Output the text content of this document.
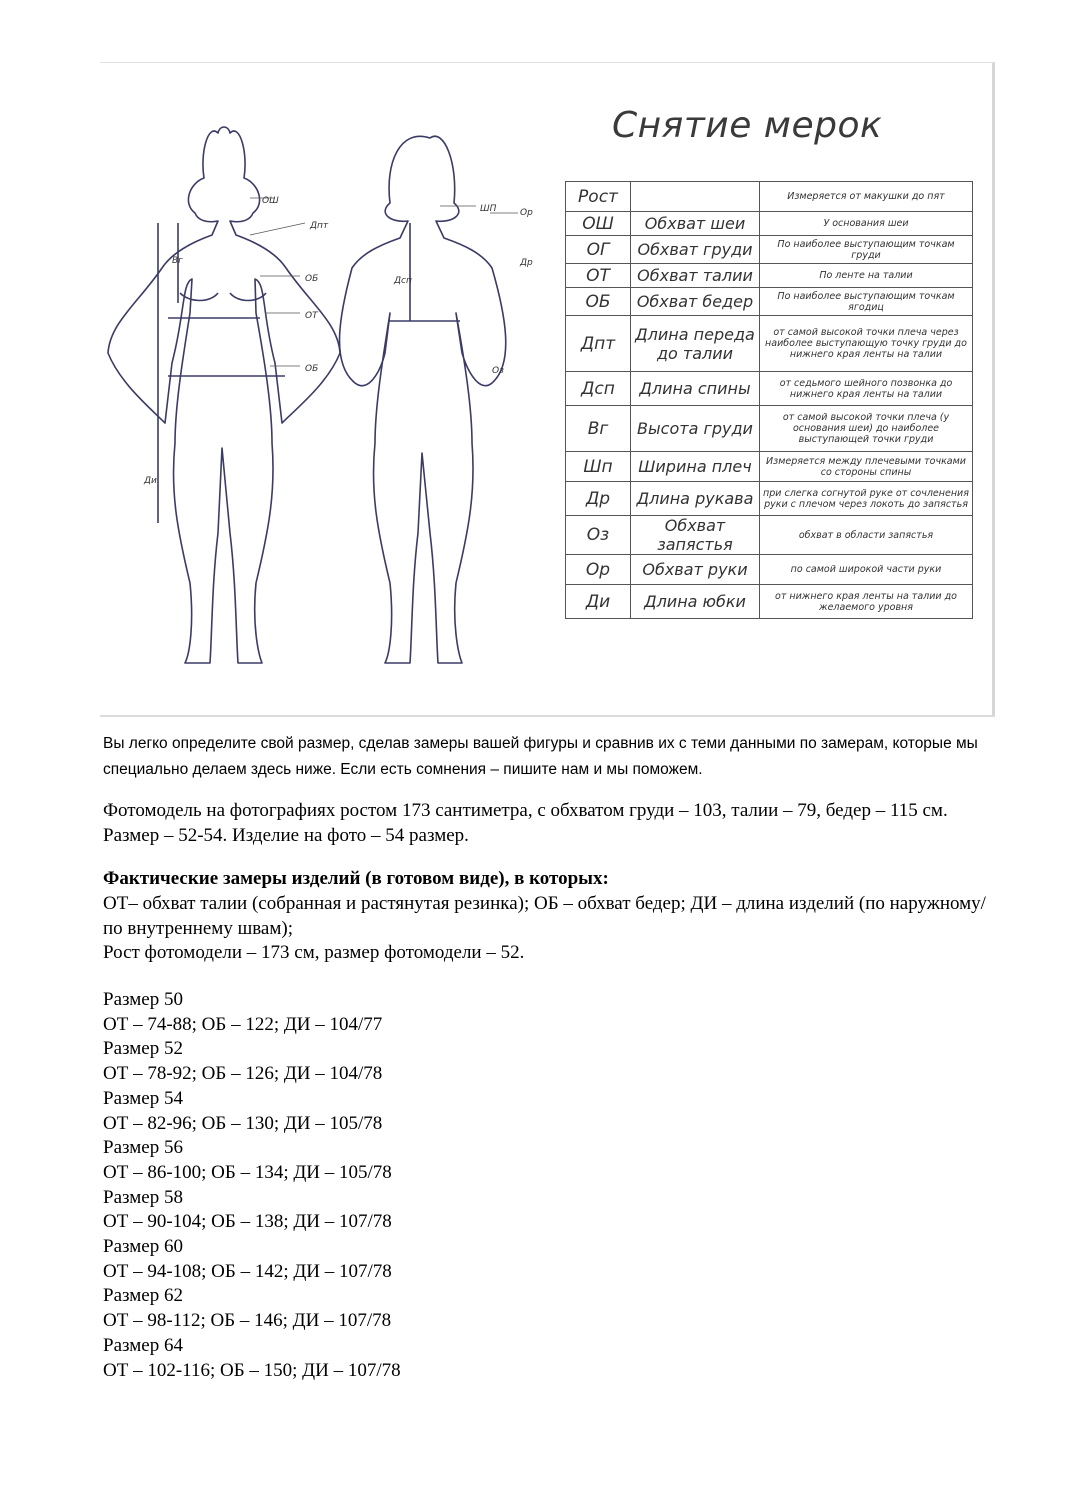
ОШ
Дпт
Вг
ОБ
ОТ
ОБ
Ди
ШП	Ор
Др
Дсп
Оз
Снятие мерок
Рост		Измеряется от макушки до пят
ОШ	Обхват шеи	У основания шеи
ОГ	Обхват груди	По наиболее выступающим точкам груди
ОТ	Обхват талии	По ленте на талии
ОБ	Обхват бедер	По наиболее выступающим точкам ягодиц
Дпт	Длина переда до талии	от самой высокой точки плеча через наиболее выступающую точку груди до нижнего края ленты на талии
Дсп	Длина спины	от седьмого шейного позвонка до нижнего края ленты на талии
Вг	Высота груди	от самой высокой точки плеча (у основания шеи) до наиболее выступающей точки груди
Шп	Ширина плеч	Измеряется между плечевыми точками со стороны спины
Др	Длина рукава	при слегка согнутой руке от сочленения руки с плечом через локоть до запястья
Оз	Обхват запястья	обхват в области запястья
Ор	Обхват руки	по самой широкой части руки
Ди	Длина юбки	от нижнего края ленты на талии до желаемого уровня
Вы легко определите свой размер, сделав замеры вашей фигуры и сравнив их с теми данными по замерам, которые мы специально делаем здесь ниже. Если есть сомнения – пишите нам и мы поможем.
Фотомодель на фотографиях ростом 173 сантиметра, с обхватом груди – 103, талии – 79, бедер – 115 см. Размер – 52-54. Изделие на фото – 54 размер.
Фактические замеры изделий (в готовом виде), в которых:
ОТ– обхват талии (собранная и растянутая резинка); ОБ – обхват бедер; ДИ – длина изделий (по наружному/по внутреннему швам);
Рост фотомодели – 173 см, размер фотомодели – 52.
Размер 50
ОТ – 74-88; ОБ – 122; ДИ – 104/77
Размер 52
ОТ – 78-92; ОБ – 126; ДИ – 104/78
Размер 54
ОТ – 82-96; ОБ – 130; ДИ – 105/78
Размер 56
ОТ – 86-100; ОБ – 134; ДИ – 105/78
Размер 58
ОТ – 90-104; ОБ – 138; ДИ – 107/78
Размер 60
ОТ – 94-108; ОБ – 142; ДИ – 107/78
Размер 62
ОТ – 98-112; ОБ – 146; ДИ – 107/78
Размер 64
ОТ – 102-116; ОБ – 150; ДИ – 107/78
